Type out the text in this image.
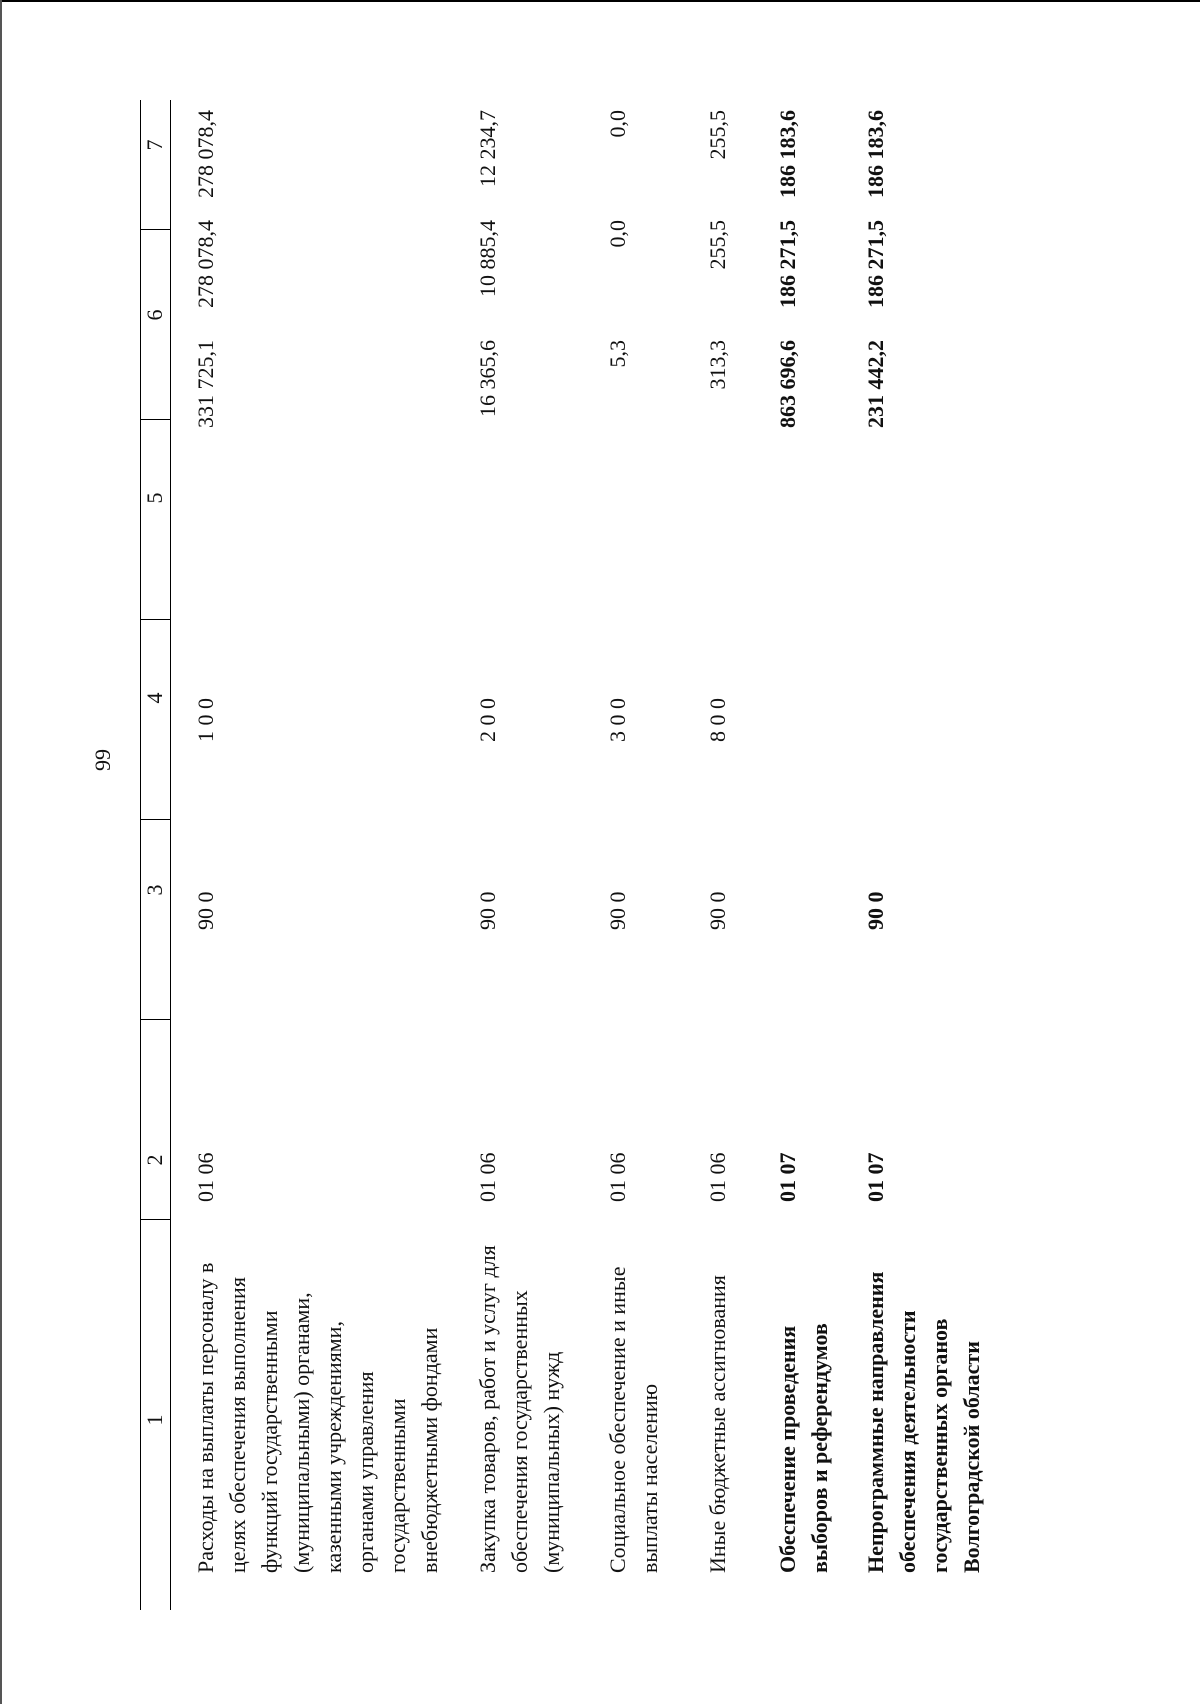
99
1
2
3
4
5
6
7
Расходы на выплаты персоналу в целях обеспечения выполнения функций государственными (муниципальными) органами, казенными учреждениями, органами управления государственными внебюджетными фондами
01 06
90 0
1 0 0
331 725,1
278 078,4
278 078,4
Закупка товаров, работ и услуг для обеспечения государственных (муниципальных) нужд
01 06
90 0
2 0 0
16 365,6
10 885,4
12 234,7
Социальное обеспечение и иные выплаты населению
01 06
90 0
3 0 0
5,3
0,0
0,0
Иные бюджетные ассигнования
01 06
90 0
8 0 0
313,3
255,5
255,5
Обеспечение проведения выборов и референдумов
01 07
863 696,6
186 271,5
186 183,6
Непрограммные направления обеспечения деятельности государственных органов Волгоградской области
01 07
90 0
231 442,2
186 271,5
186 183,6
